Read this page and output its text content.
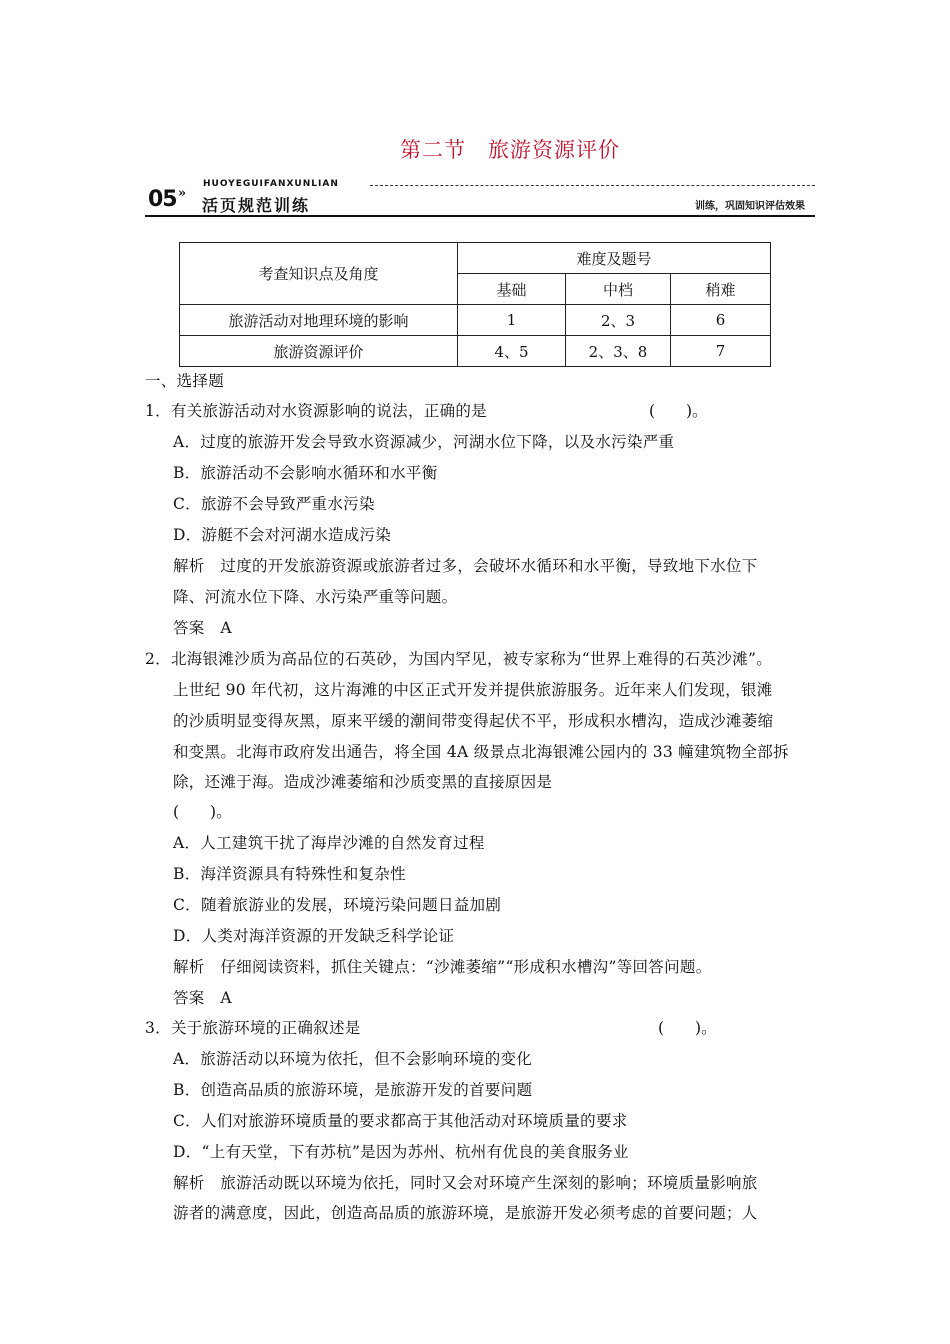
第二节　旅游资源评价
05 »
HUOYEGUIFANXUNLIAN
活页规范训练	训练，巩固知识评估效果
考查知识点及角度	难度及题号		
	基础	中档	稍难
旅游活动对地理环境的影响	1	2、3	6
旅游资源评价	4、5	2、3、8	7
一、选择题
1．有关旅游活动对水资源影响的说法，正确的是	(　　)。
A．过度的旅游开发会导致水资源减少，河湖水位下降，以及水污染严重
B．旅游活动不会影响水循环和水平衡
C．旅游不会导致严重水污染
D．游艇不会对河湖水造成污染
解析　过度的开发旅游资源或旅游者过多，会破坏水循环和水平衡，导致地下水位下
降、河流水位下降、水污染严重等问题。
答案　A
2．北海银滩沙质为高品位的石英砂，为国内罕见，被专家称为“世界上难得的石英沙滩”。
上世纪 90 年代初，这片海滩的中区正式开发并提供旅游服务。近年来人们发现，银滩
的沙质明显变得灰黑，原来平缓的潮间带变得起伏不平，形成积水槽沟，造成沙滩萎缩
和变黑。北海市政府发出通告，将全国 4A 级景点北海银滩公园内的 33 幢建筑物全部拆
除，还滩于海。造成沙滩萎缩和沙质变黑的直接原因是
(　　)。
A．人工建筑干扰了海岸沙滩的自然发育过程
B．海洋资源具有特殊性和复杂性
C．随着旅游业的发展，环境污染问题日益加剧
D．人类对海洋资源的开发缺乏科学论证
解析　仔细阅读资料，抓住关键点：“沙滩萎缩”“形成积水槽沟”等回答问题。
答案　A
3．关于旅游环境的正确叙述是	(　　)。
A．旅游活动以环境为依托，但不会影响环境的变化
B．创造高品质的旅游环境，是旅游开发的首要问题
C．人们对旅游环境质量的要求都高于其他活动对环境质量的要求
D．“上有天堂，下有苏杭”是因为苏州、杭州有优良的美食服务业
解析　旅游活动既以环境为依托，同时又会对环境产生深刻的影响；环境质量影响旅
游者的满意度，因此，创造高品质的旅游环境，是旅游开发必须考虑的首要问题；人
